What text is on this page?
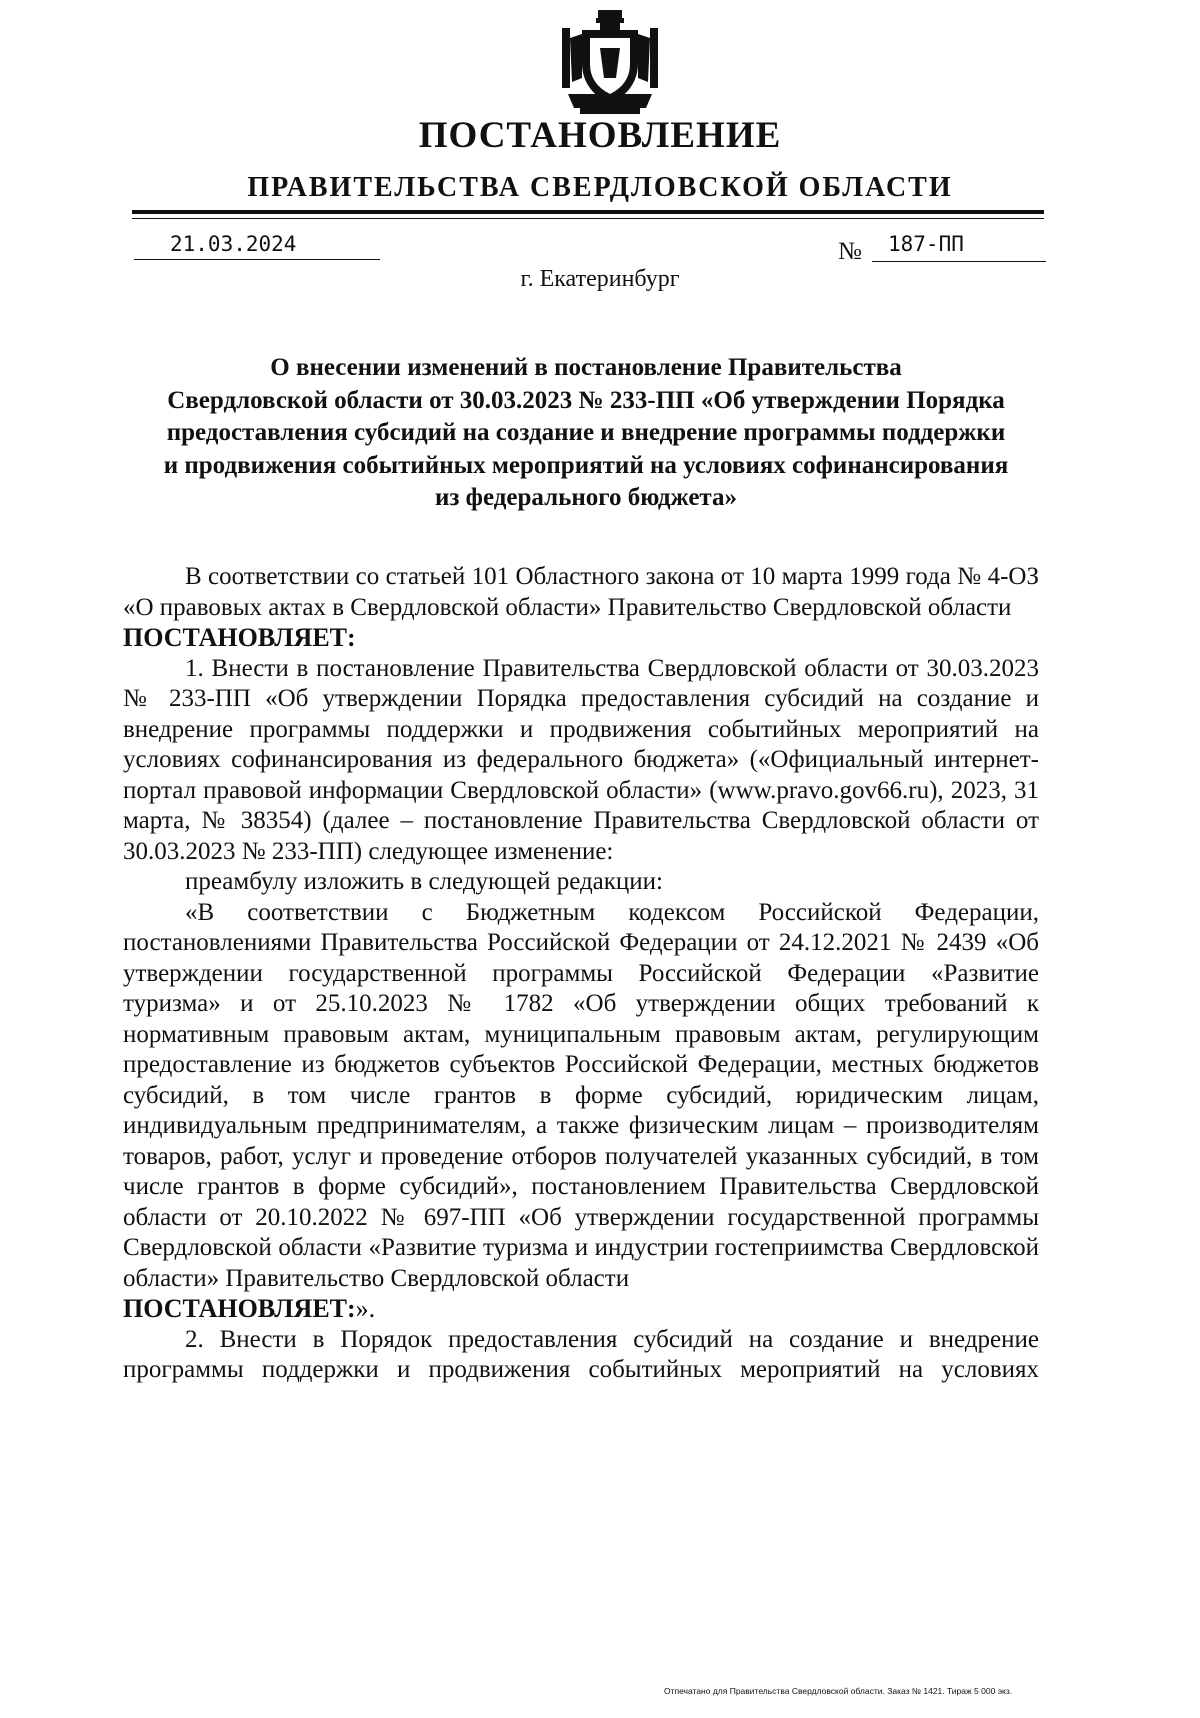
ПОСТАНОВЛЕНИЕ
ПРАВИТЕЛЬСТВА СВЕРДЛОВСКОЙ ОБЛАСТИ
21.03.2024	№ 187-ПП
г. Екатеринбург
О внесении изменений в постановление Правительства
Свердловской области от 30.03.2023 № 233-ПП «Об утверждении Порядка
предоставления субсидий на создание и внедрение программы поддержки
и продвижения событийных мероприятий на условиях софинансирования
из федерального бюджета»

В соответствии со статьей 101 Областного закона от 10 марта 1999 года № 4-ОЗ «О правовых актах в Свердловской области» Правительство Свердловской области

ПОСТАНОВЛЯЕТ:

1. Внести в постановление Правительства Свердловской области от 30.03.2023 № 233-ПП «Об утверждении Порядка предоставления субсидий на создание и внедрение программы поддержки и продвижения событийных мероприятий на условиях софинансирования из федерального бюджета» («Официальный интернет-портал правовой информации Свердловской области» (www.pravo.gov66.ru), 2023, 31 марта, № 38354) (далее – постановление Правительства Свердловской области от 30.03.2023 № 233-ПП) следующее изменение:

преамбулу изложить в следующей редакции:

«В соответствии с Бюджетным кодексом Российской Федерации, постановлениями Правительства Российской Федерации от 24.12.2021 № 2439 «Об утверждении государственной программы Российской Федерации «Развитие туризма» и от 25.10.2023 № 1782 «Об утверждении общих требований к нормативным правовым актам, муниципальным правовым актам, регулирующим предоставление из бюджетов субъектов Российской Федерации, местных бюджетов субсидий, в том числе грантов в форме субсидий, юридическим лицам, индивидуальным предпринимателям, а также физическим лицам – производителям товаров, работ, услуг и проведение отборов получателей указанных субсидий, в том числе грантов в форме субсидий», постановлением Правительства Свердловской области от 20.10.2022 № 697-ПП «Об утверждении государственной программы Свердловской области «Развитие туризма и индустрии гостеприимства Свердловской области» Правительство Свердловской области

ПОСТАНОВЛЯЕТ:».

2. Внести в Порядок предоставления субсидий на создание и внедрение программы поддержки и продвижения событийных мероприятий на условиях

Отпечатано для Правительства Свердловской области. Заказ № 1421. Тираж 5 000 экз.
